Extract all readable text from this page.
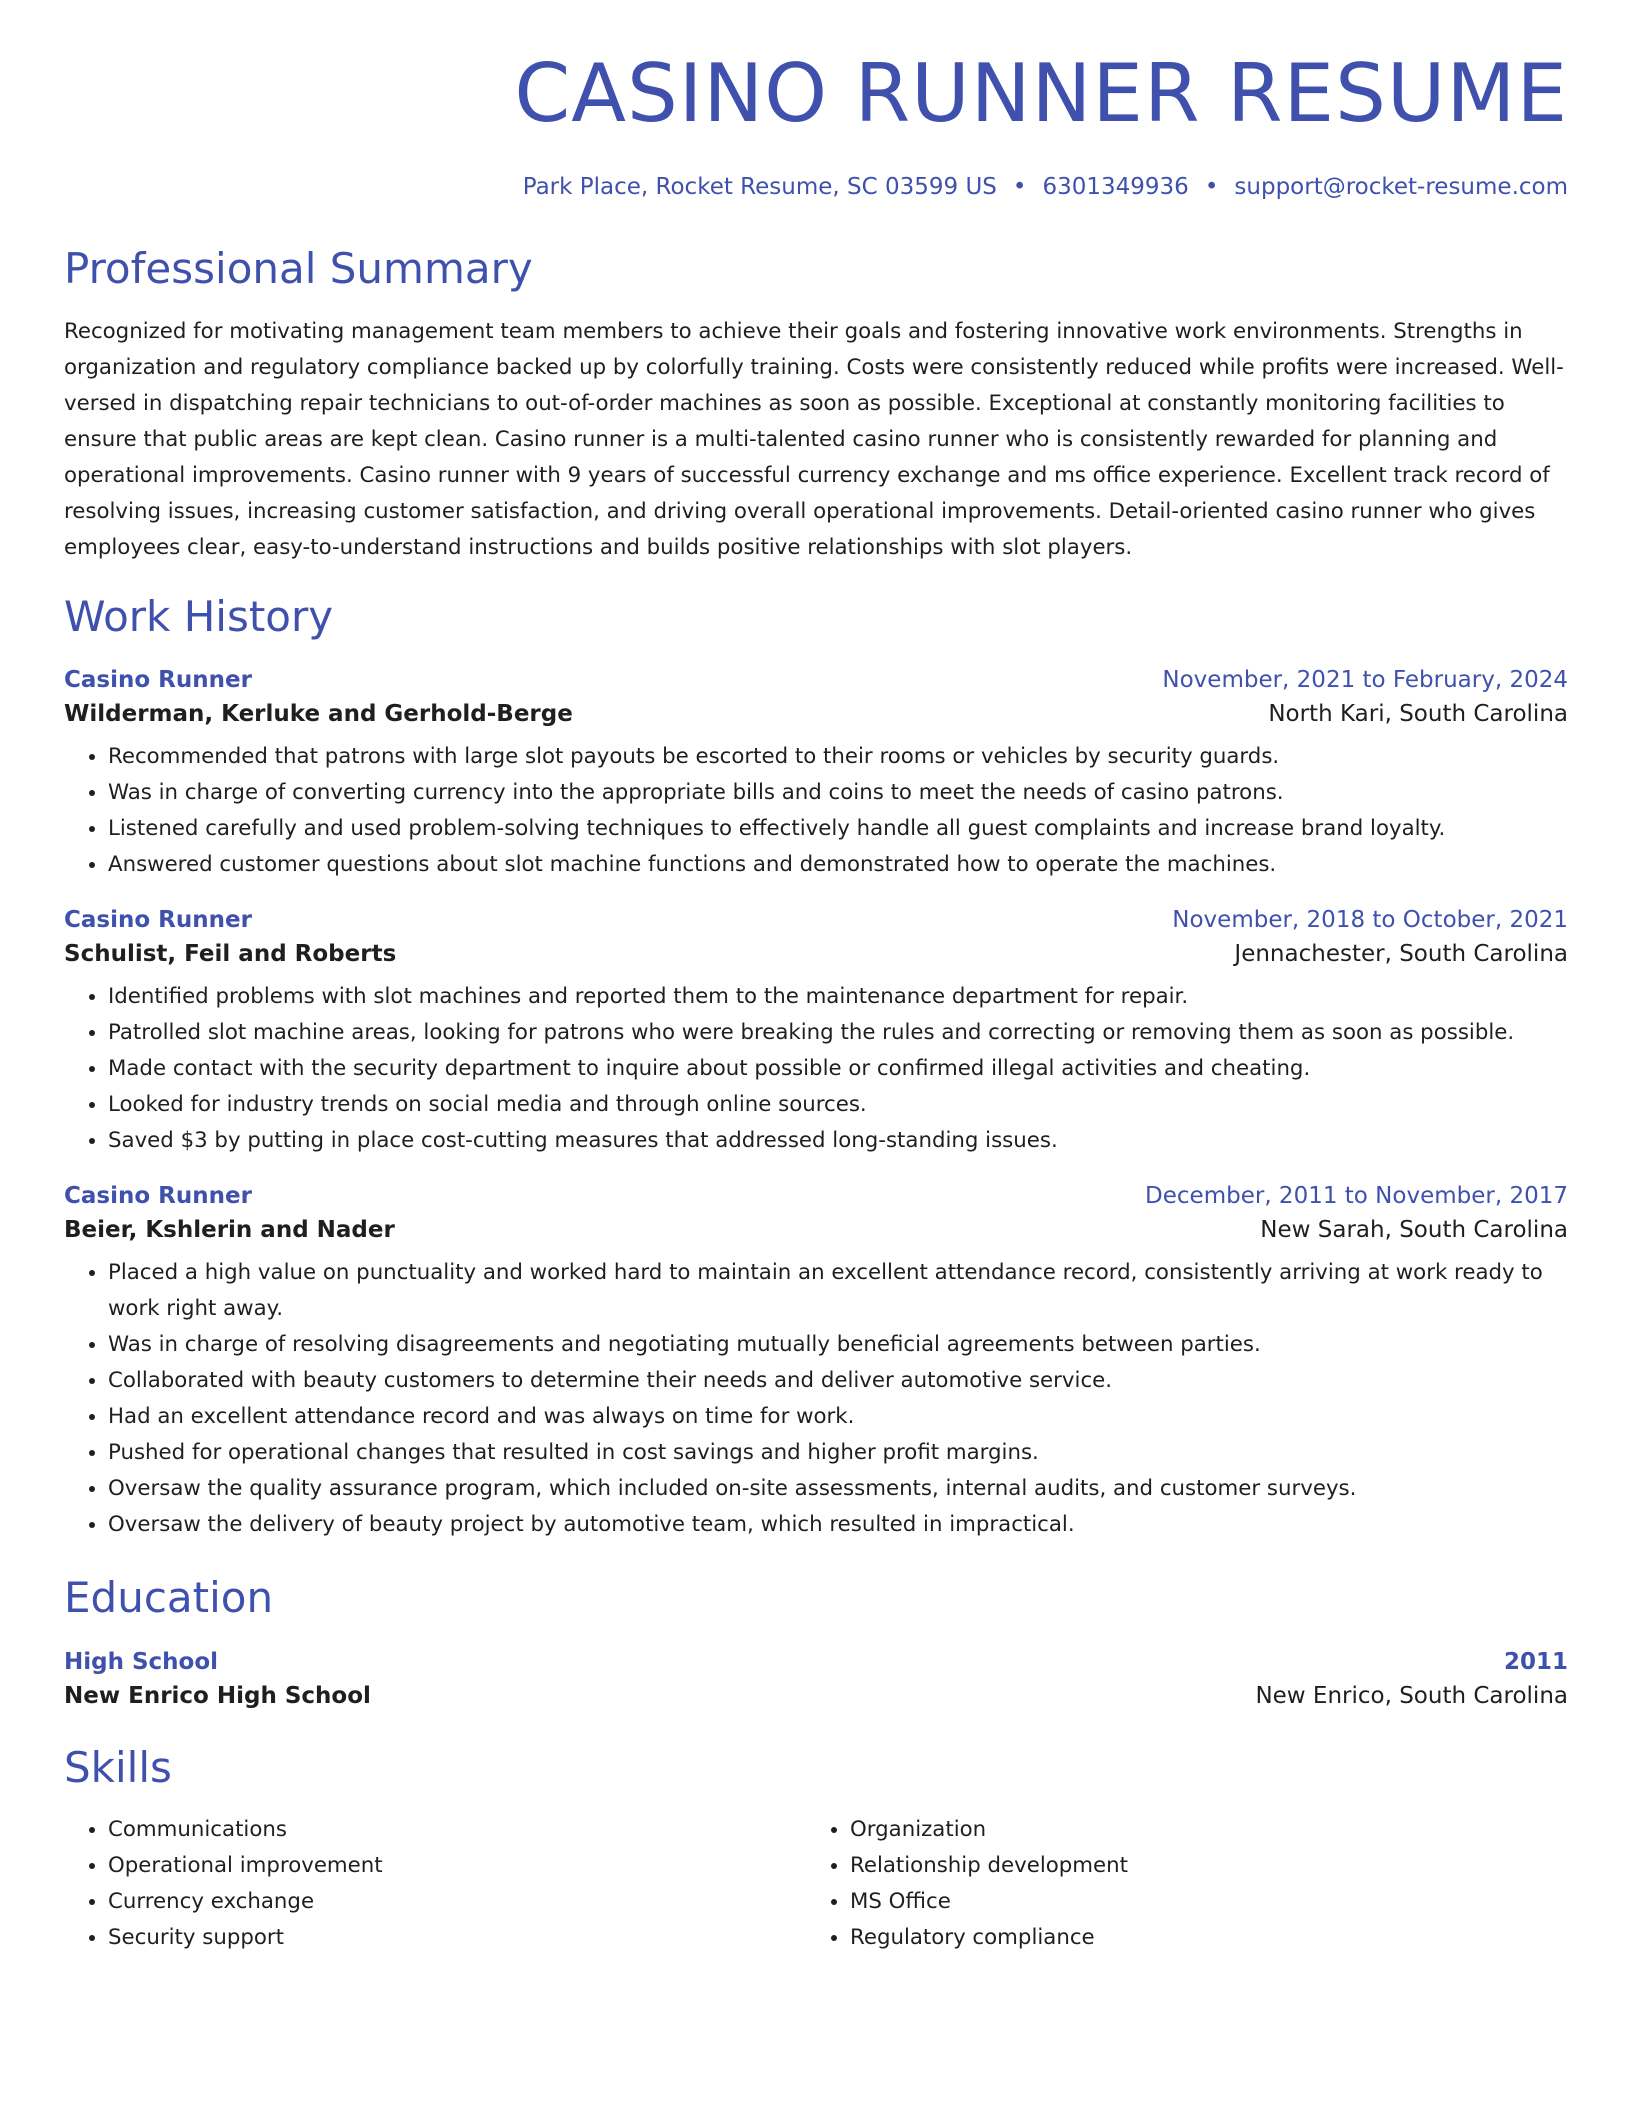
CASINO RUNNER RESUME
Park Place, Rocket Resume, SC 03599 US • 6301349936 • support@rocket-resume.com
Professional Summary
Recognized for motivating management team members to achieve their goals and fostering innovative work environments. Strengths in organization and regulatory compliance backed up by colorfully training. Costs were consistently reduced while profits were increased. Well-versed in dispatching repair technicians to out-of-order machines as soon as possible. Exceptional at constantly monitoring facilities to ensure that public areas are kept clean. Casino runner is a multi-talented casino runner who is consistently rewarded for planning and operational improvements. Casino runner with 9 years of successful currency exchange and ms office experience. Excellent track record of resolving issues, increasing customer satisfaction, and driving overall operational improvements. Detail-oriented casino runner who gives employees clear, easy-to-understand instructions and builds positive relationships with slot players.
Work History
Casino Runner	November, 2021 to February, 2024
Wilderman, Kerluke and Gerhold-Berge	North Kari, South Carolina
• Recommended that patrons with large slot payouts be escorted to their rooms or vehicles by security guards.
• Was in charge of converting currency into the appropriate bills and coins to meet the needs of casino patrons.
• Listened carefully and used problem-solving techniques to effectively handle all guest complaints and increase brand loyalty.
• Answered customer questions about slot machine functions and demonstrated how to operate the machines.
Casino Runner	November, 2018 to October, 2021
Schulist, Feil and Roberts	Jennachester, South Carolina
• Identified problems with slot machines and reported them to the maintenance department for repair.
• Patrolled slot machine areas, looking for patrons who were breaking the rules and correcting or removing them as soon as possible.
• Made contact with the security department to inquire about possible or confirmed illegal activities and cheating.
• Looked for industry trends on social media and through online sources.
• Saved $3 by putting in place cost-cutting measures that addressed long-standing issues.
Casino Runner	December, 2011 to November, 2017
Beier, Kshlerin and Nader	New Sarah, South Carolina
• Placed a high value on punctuality and worked hard to maintain an excellent attendance record, consistently arriving at work ready to work right away.
• Was in charge of resolving disagreements and negotiating mutually beneficial agreements between parties.
• Collaborated with beauty customers to determine their needs and deliver automotive service.
• Had an excellent attendance record and was always on time for work.
• Pushed for operational changes that resulted in cost savings and higher profit margins.
• Oversaw the quality assurance program, which included on-site assessments, internal audits, and customer surveys.
• Oversaw the delivery of beauty project by automotive team, which resulted in impractical.
Education
High School	2011
New Enrico High School	New Enrico, South Carolina
Skills
• Communications
• Operational improvement
• Currency exchange
• Security support
• Organization
• Relationship development
• MS Office
• Regulatory compliance
